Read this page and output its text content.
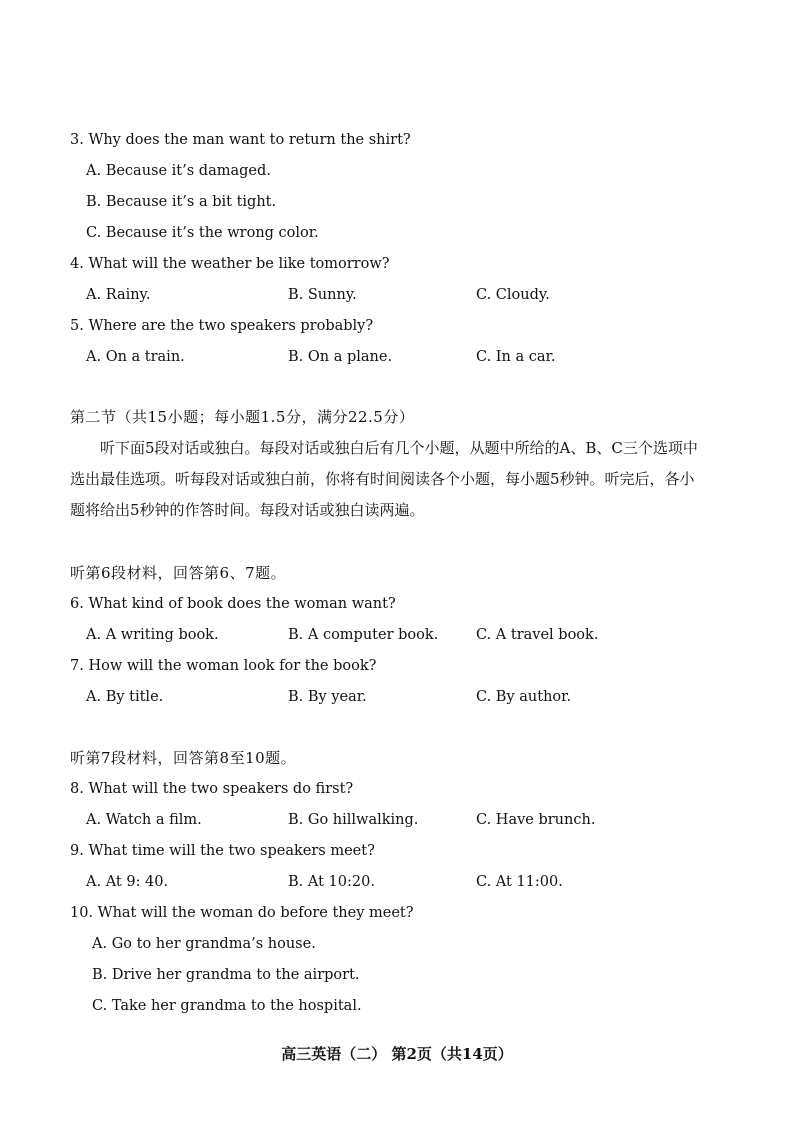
3. Why does the man want to return the shirt?
A. Because it’s damaged.
B. Because it’s a bit tight.
C. Because it’s the wrong color.
4. What will the weather be like tomorrow?
A. Rainy.	B. Sunny.	C. Cloudy.
5. Where are the two speakers probably?
A. On a train.	B. On a plane.	C. In a car.
第二节（共15小题；每小题1.5分，满分22.5分）
听下面5段对话或独白。每段对话或独白后有几个小题，从题中所给的A、B、C三个选项中选出最佳选项。听每段对话或独白前，你将有时间阅读各个小题，每小题5秒钟。听完后，各小题将给出5秒钟的作答时间。每段对话或独白读两遍。
听第6段材料，回答第6、7题。
6. What kind of book does the woman want?
A. A writing book.	B. A computer book.	C. A travel book.
7. How will the woman look for the book?
A. By title.	B. By year.	C. By author.
听第7段材料，回答第8至10题。
8. What will the two speakers do first?
A. Watch a film.	B. Go hillwalking.	C. Have brunch.
9. What time will the two speakers meet?
A. At 9: 40.	B. At 10:20.	C. At 11:00.
10. What will the woman do before they meet?
A. Go to her grandma’s house.
B. Drive her grandma to the airport.
C. Take her grandma to the hospital.
高三英语（二） 第2页（共14页）
